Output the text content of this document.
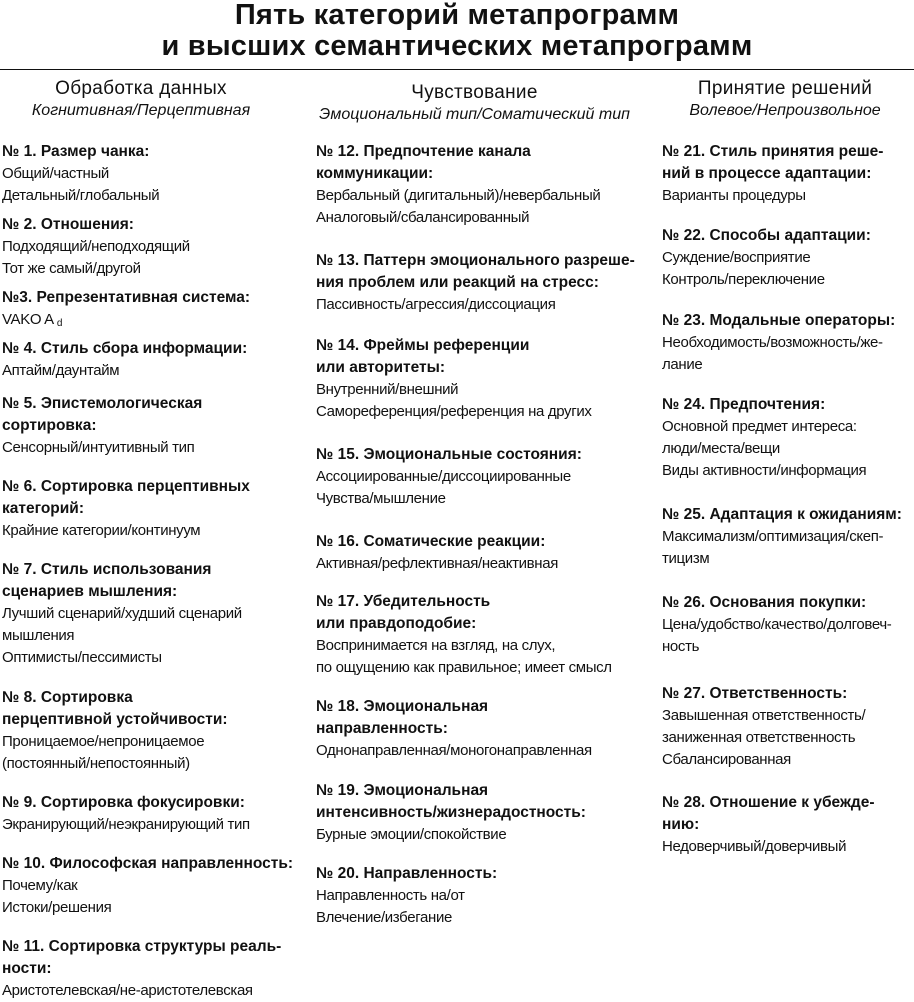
Пять категорий метапрограмм
и высших семантических метапрограмм
Обработка данных
Когнитивная/Перцептивная
Чувствование
Эмоциональный тип/Соматический тип
Принятие решений
Волевое/Непроизвольное
№ 1. Размер чанка:
Общий/частный
Детальный/глобальный
№ 2. Отношения:
Подходящий/неподходящий
Тот же самый/другой
№3. Репрезентативная система:
VAKO A $_d$
№ 4. Стиль сбора информации:
Аптайм/даунтайм
№ 5. Эпистемологическая
сортировка:
Сенсорный/интуитивный тип
№ 6. Сортировка перцептивных
категорий:
Крайние категории/континуум
№ 7. Стиль использования
сценариев мышления:
Лучший сценарий/худший сценарий
мышления
Оптимисты/пессимисты
№ 8. Сортировка
перцептивной устойчивости:
Проницаемое/непроницаемое
(постоянный/непостоянный)
№ 9. Сортировка фокусировки:
Экранирующий/неэкранирующий тип
№ 10. Философская направленность:
Почему/как
Истоки/решения
№ 11. Сортировка структуры реаль-
ности:
Аристотелевская/не-аристотелевская
№ 12. Предпочтение канала
коммуникации:
Вербальный (дигитальный)/невербальный
Аналоговый/сбалансированный
№ 13. Паттерн эмоционального разреше-
ния проблем или реакций на стресс:
Пассивность/агрессия/диссоциация
№ 14. Фреймы референции
или авторитеты:
Внутренний/внешний
Самореференция/референция на других
№ 15. Эмоциональные состояния:
Ассоциированные/диссоциированные
Чувства/мышление
№ 16. Соматические реакции:
Активная/рефлективная/неактивная
№ 17. Убедительность
или правдоподобие:
Воспринимается на взгляд, на слух,
по ощущению как правильное; имеет смысл
№ 18. Эмоциональная
направленность:
Однонаправленная/моногонаправленная
№ 19. Эмоциональная
интенсивность/жизнерадостность:
Бурные эмоции/спокойствие
№ 20. Направленность:
Направленность на/от
Влечение/избегание
№ 21. Стиль принятия реше-
ний в процессе адаптации:
Варианты процедуры
№ 22. Способы адаптации:
Суждение/восприятие
Контроль/переключение
№ 23. Модальные операторы:
Необходимость/возможность/же-
лание
№ 24. Предпочтения:
Основной предмет интереса:
люди/места/вещи
Виды активности/информация
№ 25. Адаптация к ожиданиям:
Максимализм/оптимизация/скеп-
тицизм
№ 26. Основания покупки:
Цена/удобство/качество/долговеч-
ность
№ 27. Ответственность:
Завышенная ответственность/
заниженная ответственность
Сбалансированная
№ 28. Отношение к убежде-
нию:
Недоверчивый/доверчивый
